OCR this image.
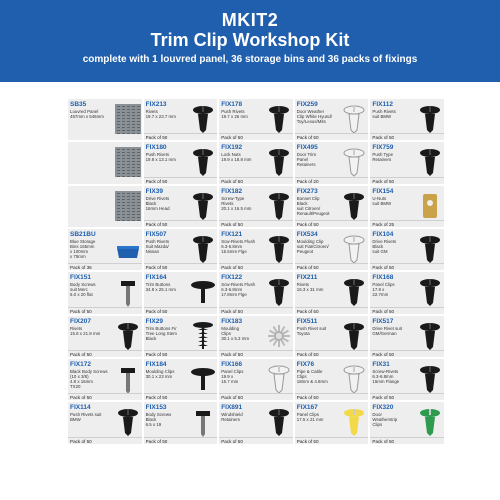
MKIT2
Trim Clip Workshop Kit
complete with 1 louvred panel, 36 storage bins and 36 packs of fixings
SB35
Louvred Panel
457mm x 546mm
FIX213
Rivets
19.7 x 23.7 mm
Pack of 50
FIX178
Push Rivets
19.7 x 26 mm
Pack of 50
FIX259
Door Weather
Clip White Hyund/
Toy/Lexus/Mits
Pack of 50
FIX112
Push Rivets
suit BMW
Pack of 50
FIX180
Push Rivets
19.8 x 13.1 mm
Pack of 50
FIX192
Lock Nuts
19.9 x 18.8 mm
Pack of 50
FIX495
Door Trim
Panel
Retainers
Pack of 20
FIX759
Push Type
Retainers
Pack of 50
FIX39
Drive Rivets
Black
16mm Head
Pack of 50
FIX182
Screw-Type
Rivets
20.1 x 16.5 mm
Pack of 50
FIX273
Bonnet Clip
Black
suit Citroen/
Renault/Peugeot
Pack of 50
FIX154
U-Nuts
suit BMW
Pack of 25
SB21BU
Blue Storage
Bins 165mm
x 100mm
x 75mm
Pack of 36
FIX507
Push Rivets
Suit Mazda/
Nissan
Pack of 50
FIX121
Scw-Rivets Flush
6.3-6.8mm
15.5mm Flge
Pack of 50
FIX534
Moulding Clip
suit Fiat/Citroen/
Peugeot
Pack of 50
FIX104
Drive Rivets
Black
suit GM
Pack of 50
FIX151
Body Screws
suit Merc
6.0 x 20 flat
Pack of 50
FIX164
Trim Buttons
34.8 x 25.1 mm
Pack of 50
FIX122
Scw-Rivets Flush
6.3-6.8mm
17.8mm Flge
Pack of 50
FIX211
Rivets
16.3 x 31 mm
Pack of 50
FIX168
Panel Clips
17.8 x
22.7mm
Pack of 50
FIX207
Rivets
15.8 x 21.9 mm
Pack of 50
FIX29
Trim Buttons Fir
Tree Long Stem
Black
Pack of 50
FIX183
Moulding
Clips
30.1 x 5.3 mm
Pack of 50
FIX511
Push Rivet suit
Toyota
Pack of 50
FIX517
Drive Rivet suit
GM/German
Pack of 50
FIX172
Black Body Screws
(10 x 3/8)
4.8 x 16mm
TX20
Pack of 50
FIX184
Moulding Clips
30.1 x 23 mm
Pack of 50
FIX166
Panel Clips
19.9 x
15.7 mm
Pack of 50
FIX76
Pipe & Cable
Clips
18mm & 4.8mm
Pack of 50
FIX31
Screw-Rivets
6.3-6.8mm
15mm Flange
Pack of 50
FIX114
Push Rivets suit
BMW
Pack of 50
FIX153
Body Screws
Black
6.5 x 19
Pack of 50
FIX891
Windshield
Retainers
Pack of 50
FIX167
Panel Clips
17.5 x 21 mm
Pack of 50
FIX320
Door
Weatherstrip
Clips
Pack of 50
